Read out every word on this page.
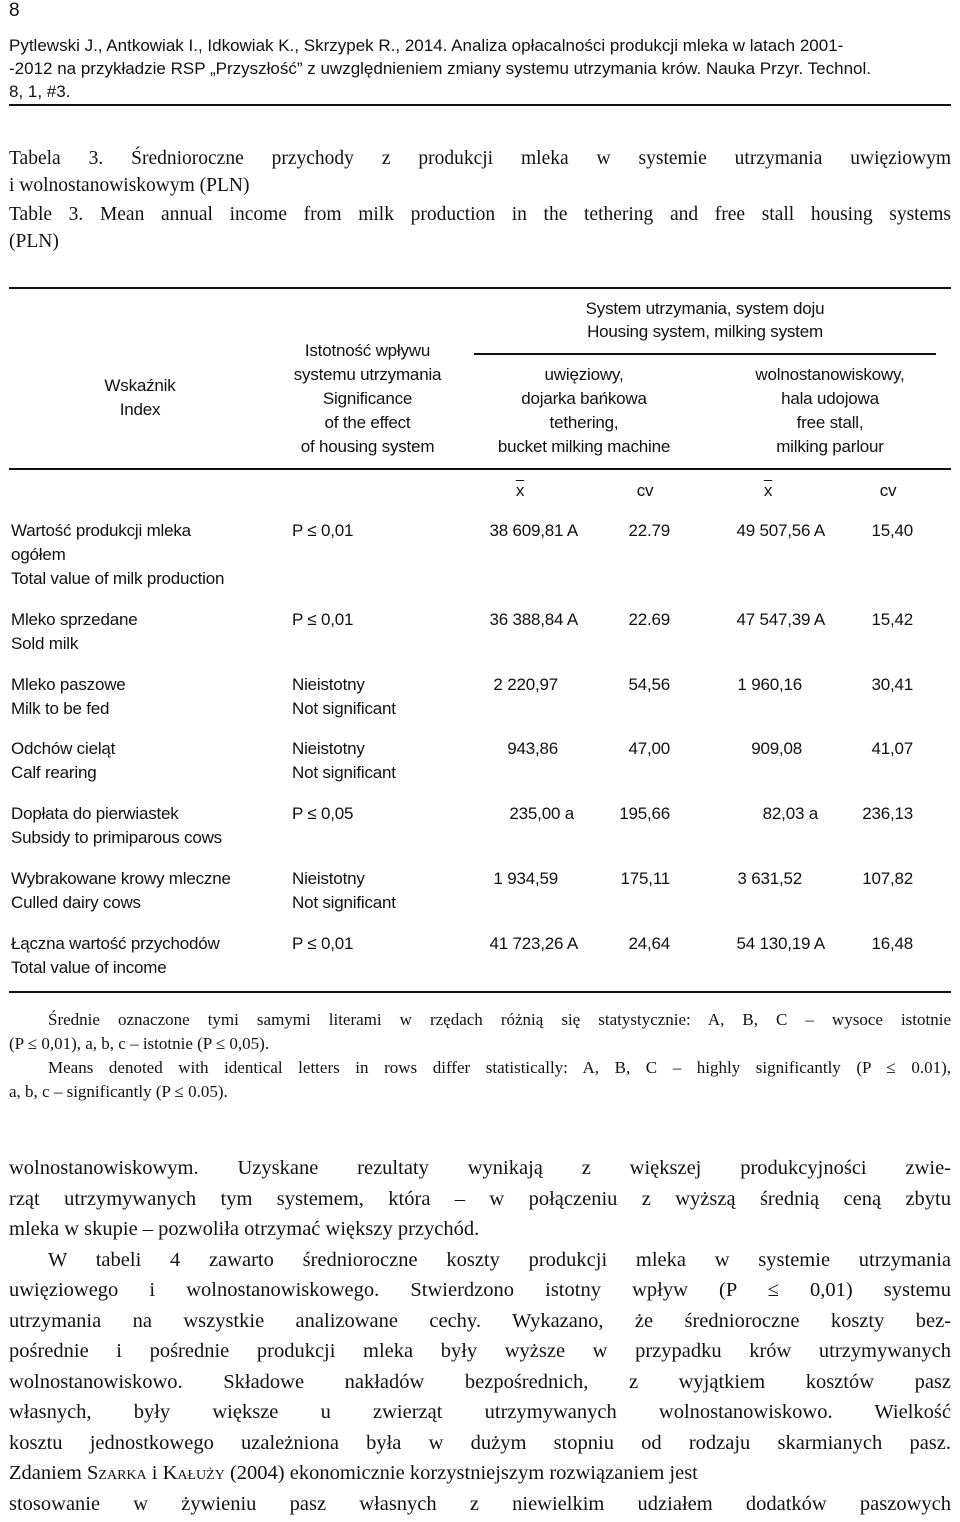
8
Pytlewski J., Antkowiak I., Idkowiak K., Skrzypek R., 2014. Analiza opłacalności produkcji mleka w latach 2001-
-2012 na przykładzie RSP „Przyszłość” z uwzględnieniem zmiany systemu utrzymania krów. Nauka Przyr. Technol.
8, 1, #3.
Tabela 3. Średnioroczne przychody z produkcji mleka w systemie utrzymania uwięziowym
i wolnostanowiskowym (PLN)
Table 3. Mean annual income from milk production in the tethering and free stall housing systems
(PLN)
Wskaźnik
Index
Istotność wpływu
systemu utrzymania
Significance
of the effect
of housing system
System utrzymania, system doju
Housing system, milking system
uwięziowy,
dojarka bańkowa
tethering,
bucket milking machine
wolnostanowiskowy,
hala udojowa
free stall,
milking parlour
$\overline{x}$	cv	$\overline{x}$	cv
Wartość produkcji mleka
ogółem
Total value of milk production
P ≤ 0,01	38 609,81 A	22.79	49 507,56 A	15,40
Mleko sprzedane
Sold milk
P ≤ 0,01	36 388,84 A	22.69	47 547,39 A	15,42
Mleko paszowe
Milk to be fed
Nieistotny
Not significant
2 220,97	54,56	1 960,16	30,41
Odchów cieląt
Calf rearing
Nieistotny
Not significant
943,86	47,00	909,08	41,07
Dopłata do pierwiastek
Subsidy to primiparous cows
P ≤ 0,05	235,00 a	195,66	82,03 a	236,13
Wybrakowane krowy mleczne
Culled dairy cows
Nieistotny
Not significant
1 934,59	175,11	3 631,52	107,82
Łączna wartość przychodów
Total value of income
P ≤ 0,01	41 723,26 A	24,64	54 130,19 A	16,48
Średnie oznaczone tymi samymi literami w rzędach różnią się statystycznie: A, B, C – wysoce istotnie
(P ≤ 0,01), a, b, c – istotnie (P ≤ 0,05).
Means denoted with identical letters in rows differ statistically: A, B, C – highly significantly (P ≤ 0.01),
a, b, c – significantly (P ≤ 0.05).
wolnostanowiskowym. Uzyskane rezultaty wynikają z większej produkcyjności zwie-
rząt utrzymywanych tym systemem, która – w połączeniu z wyższą średnią ceną zbytu
mleka w skupie – pozwoliła otrzymać większy przychód.
W tabeli 4 zawarto średnioroczne koszty produkcji mleka w systemie utrzymania
uwięziowego i wolnostanowiskowego. Stwierdzono istotny wpływ (P ≤ 0,01) systemu
utrzymania na wszystkie analizowane cechy. Wykazano, że średnioroczne koszty bez-
pośrednie i pośrednie produkcji mleka były wyższe w przypadku krów utrzymywanych
wolnostanowiskowo. Składowe nakładów bezpośrednich, z wyjątkiem kosztów pasz
własnych, były większe u zwierząt utrzymywanych wolnostanowiskowo. Wielkość
kosztu jednostkowego uzależniona była w dużym stopniu od rodzaju skarmianych pasz.
Zdaniem Szarka i Kałuży (2004) ekonomicznie korzystniejszym rozwiązaniem jest
stosowanie w żywieniu pasz własnych z niewielkim udziałem dodatków paszowych
